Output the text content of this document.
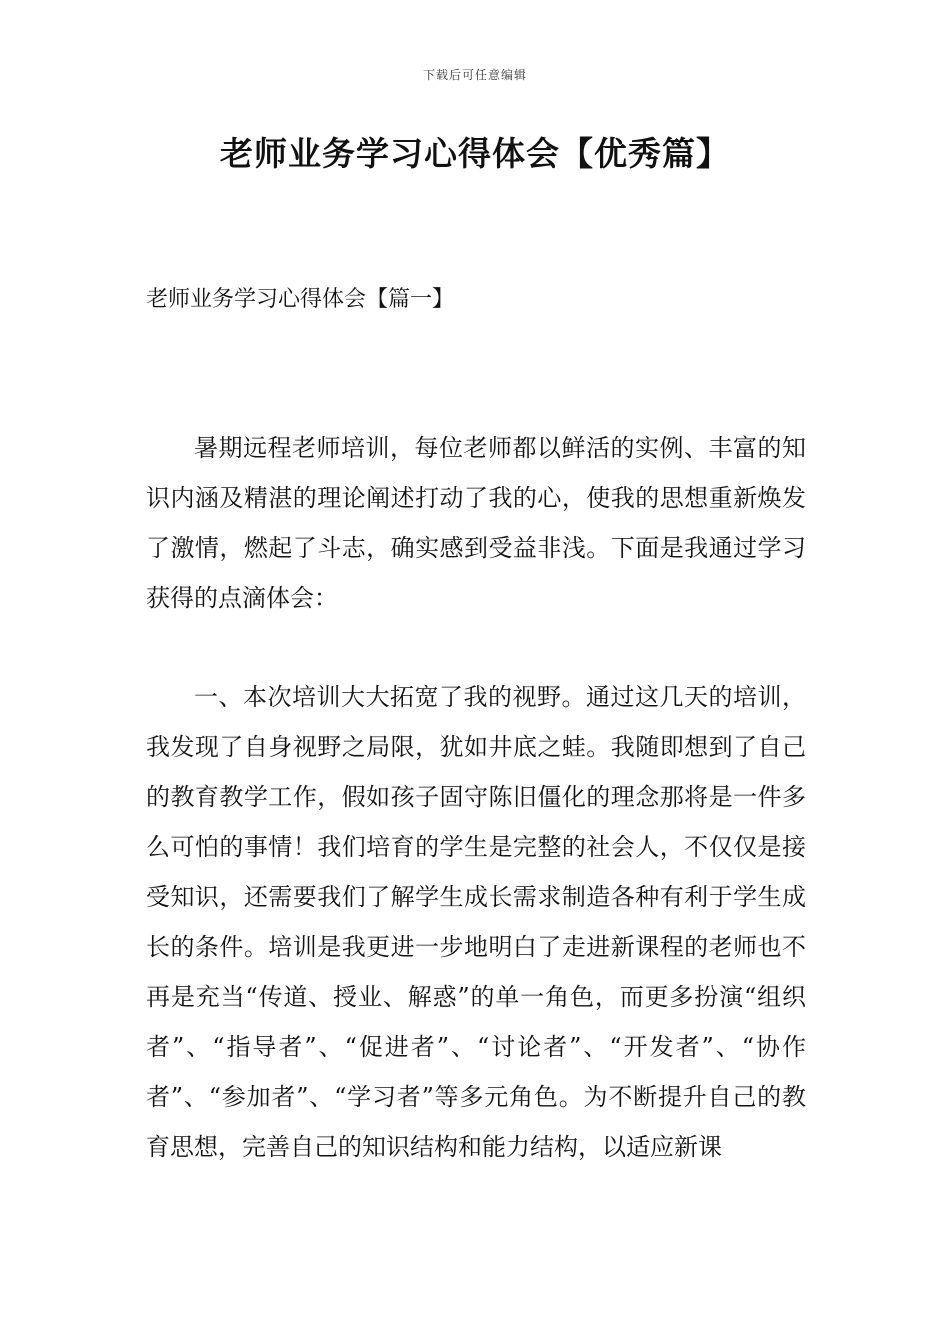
下载后可任意编辑
老师业务学习心得体会【优秀篇】
老师业务学习心得体会【篇一】

暑期远程老师培训，每位老师都以鲜活的实例、丰富的知识内涵及精湛的理论阐述打动了我的心，使我的思想重新焕发了激情，燃起了斗志，确实感到受益非浅。下面是我通过学习获得的点滴体会：

一、本次培训大大拓宽了我的视野。通过这几天的培训，我发现了自身视野之局限，犹如井底之蛙。我随即想到了自己的教育教学工作，假如孩子固守陈旧僵化的理念那将是一件多么可怕的事情！我们培育的学生是完整的社会人，不仅仅是接受知识，还需要我们了解学生成长需求制造各种有利于学生成长的条件。培训是我更进一步地明白了走进新课程的老师也不再是充当“传道、授业、解惑”的单一角色，而更多扮演“组织者”、“指导者”、“促进者”、“讨论者”、“开发者”、“协作者”、“参加者”、“学习者”等多元角色。为不断提升自己的教育思想，完善自己的知识结构和能力结构，以适应新课
